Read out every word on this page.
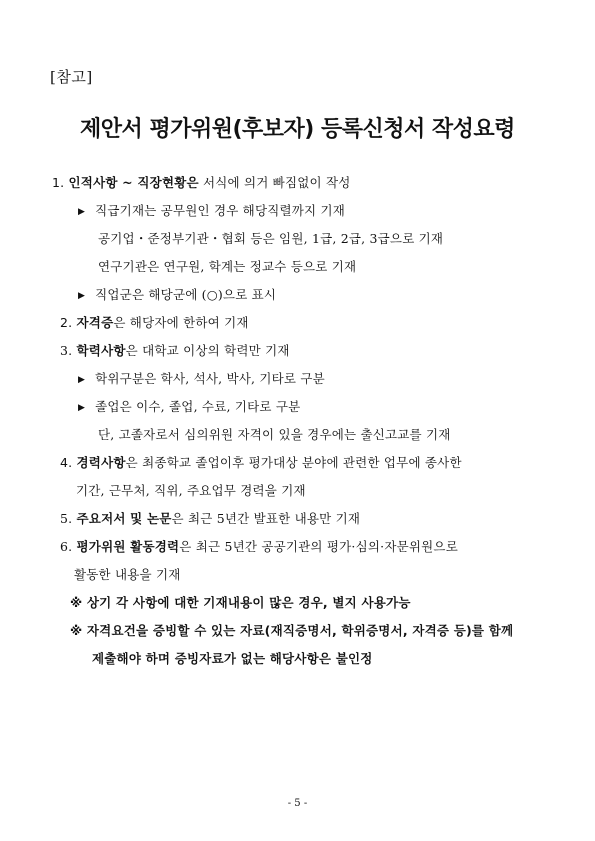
[참고]
제안서 평가위원(후보자) 등록신청서 작성요령
1. 인적사항 ~ 직장현황은 서식에 의거 빠짐없이 작성
▶ 직급기재는 공무원인 경우 해당직렬까지 기재
공기업・준정부기관・협회 등은 임원, 1급, 2급, 3급으로 기재
연구기관은 연구원, 학계는 정교수 등으로 기재
▶ 직업군은 해당군에 (○)으로 표시
2. 자격증은 해당자에 한하여 기재
3. 학력사항은 대학교 이상의 학력만 기재
▶ 학위구분은 학사, 석사, 박사, 기타로 구분
▶ 졸업은 이수, 졸업, 수료, 기타로 구분
단, 고졸자로서 심의위원 자격이 있을 경우에는 출신고교를 기재
4. 경력사항은 최종학교 졸업이후 평가대상 분야에 관련한 업무에 종사한
기간, 근무처, 직위, 주요업무 경력을 기재
5. 주요저서 및 논문은 최근 5년간 발표한 내용만 기재
6. 평가위원 활동경력은 최근 5년간 공공기관의 평가·심의·자문위원으로
활동한 내용을 기재
※ 상기 각 사항에 대한 기재내용이 많은 경우, 별지 사용가능
※ 자격요건을 증빙할 수 있는 자료(재직증명서, 학위증명서, 자격증 등)를 함께
제출해야 하며 증빙자료가 없는 해당사항은 불인정
- 5 -
